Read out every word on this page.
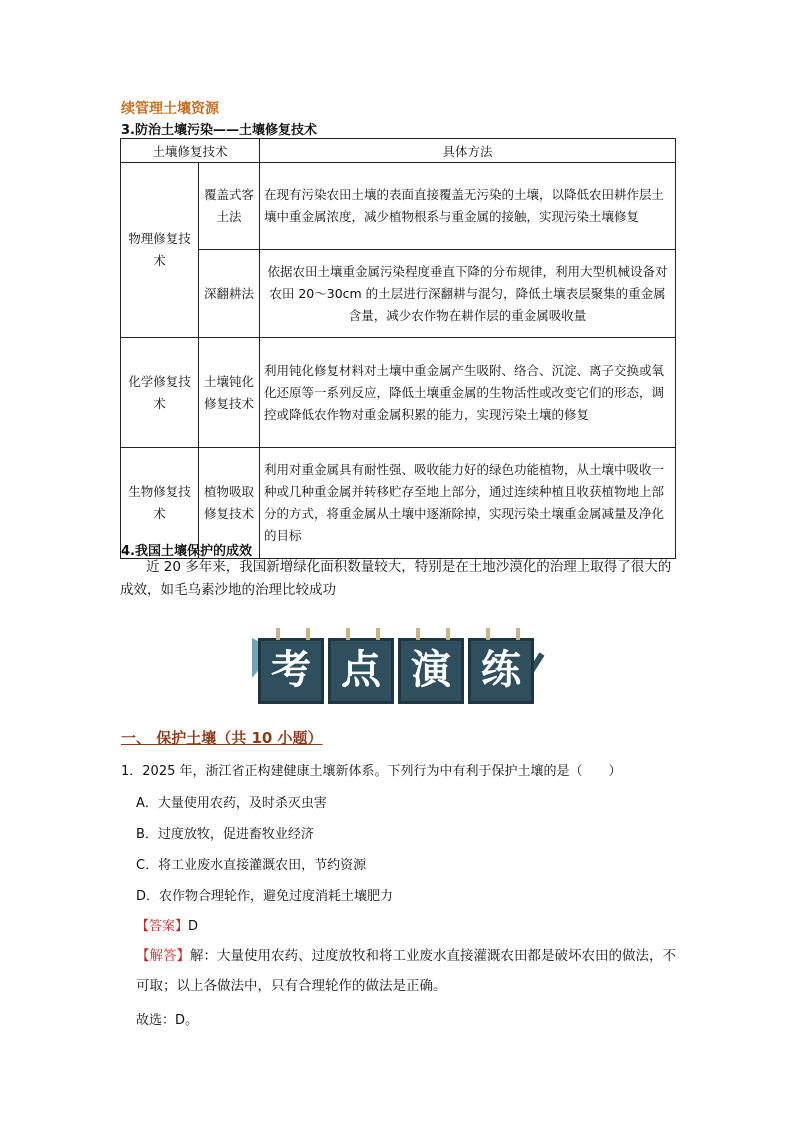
续管理土壤资源
3.防治土壤污染——土壤修复技术
土壤修复技术		具体方法
物理修复技术	覆盖式客土法	在现有污染农田土壤的表面直接覆盖无污染的土壤，以降低农田耕作层土壤中重金属浓度，减少植物根系与重金属的接触，实现污染土壤修复
	深翻耕法	依据农田土壤重金属污染程度垂直下降的分布规律，利用大型机械设备对农田 20～30cm 的土层进行深翻耕与混匀，降低土壤表层聚集的重金属含量，减少农作物在耕作层的重金属吸收量
化学修复技术	土壤钝化修复技术	利用钝化修复材料对土壤中重金属产生吸附、络合、沉淀、离子交换或氧化还原等一系列反应，降低土壤重金属的生物活性或改变它们的形态，调控或降低农作物对重金属积累的能力，实现污染土壤的修复
生物修复技术	植物吸取修复技术	利用对重金属具有耐性强、吸收能力好的绿色功能植物，从土壤中吸收一种或几种重金属并转移贮存至地上部分，通过连续种植且收获植物地上部分的方式，将重金属从土壤中逐渐除掉，实现污染土壤重金属减量及净化的目标
4.我国土壤保护的成效
近 20 多年来，我国新增绿化面积数量较大，特别是在土地沙漠化的治理上取得了很大的成效，如毛乌素沙地的治理比较成功
考 点 演 练
一、 保护土壤（共 10 小题）
1．2025 年，浙江省正构建健康土壤新体系。下列行为中有利于保护土壤的是（　　）
A．大量使用农药，及时杀灭虫害
B．过度放牧，促进畜牧业经济
C．将工业废水直接灌溉农田，节约资源
D．农作物合理轮作，避免过度消耗土壤肥力
【答案】D
【解答】解：大量使用农药、过度放牧和将工业废水直接灌溉农田都是破坏农田的做法，不可取；以上各做法中，只有合理轮作的做法是正确。
故选：D。
